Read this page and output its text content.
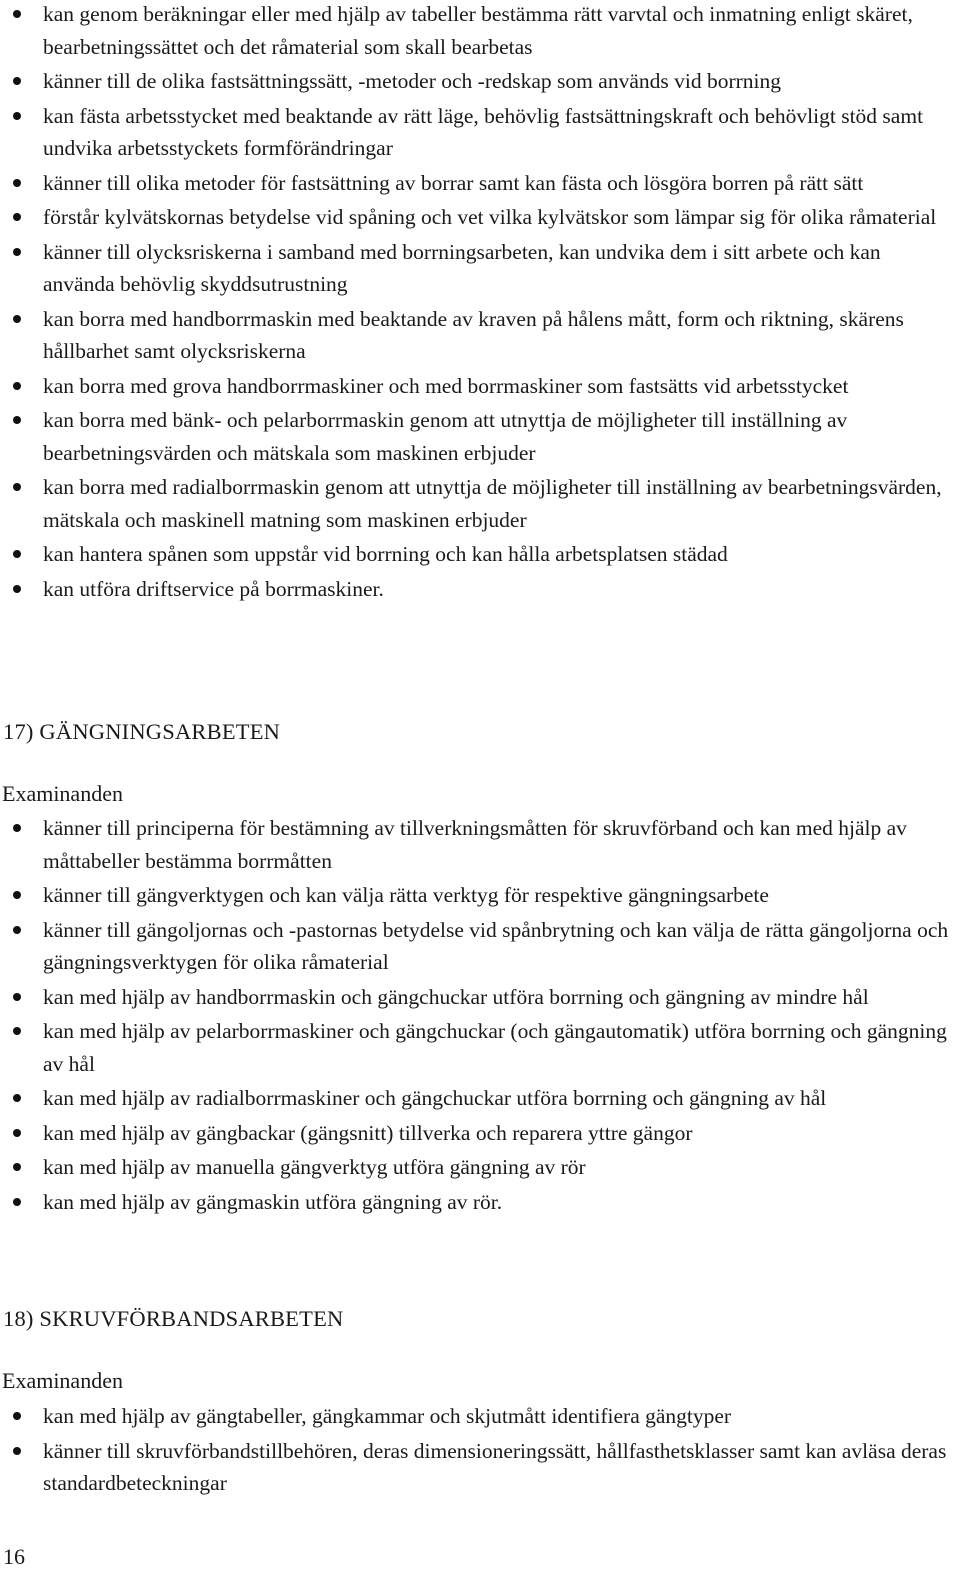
kan genom beräkningar eller med hjälp av tabeller bestämma rätt varvtal och inmatning enligt skäret, bearbetningssättet och det råmaterial som skall bearbetas
känner till de olika fastsättningssätt, -metoder och -redskap som används vid borrning
kan fästa arbetsstycket med beaktande av rätt läge, behövlig fastsättningskraft och behövligt stöd samt undvika arbetsstyckets formförändringar
känner till olika metoder för fastsättning av borrar samt kan fästa och lösgöra borren på rätt sätt
förstår kylvätskornas betydelse vid spåning och vet vilka kylvätskor som lämpar sig för olika råmaterial
känner till olycksriskerna i samband med borrningsarbeten, kan undvika dem i sitt arbete och kan använda behövlig skyddsutrustning
kan borra med handborrmaskin med beaktande av kraven på hålens mått, form och riktning, skärens hållbarhet samt olycksriskerna
kan borra med grova handborrmaskiner och med borrmaskiner som fastsätts vid arbetsstycket
kan borra med bänk- och pelarborrmaskin genom att utnyttja de möjligheter till inställning av bearbetningsvärden och mätskala som maskinen erbjuder
kan borra med radialborrmaskin genom att utnyttja de möjligheter till inställning av bearbetningsvärden, mätskala och maskinell matning som maskinen erbjuder
kan hantera spånen som uppstår vid borrning och kan hålla arbetsplatsen städad
kan utföra driftservice på borrmaskiner.
17) GÄNGNINGSARBETEN

Examinanden

känner till principerna för bestämning av tillverkningsmåtten för skruvförband och kan med hjälp av måttabeller bestämma borrmåtten
känner till gängverktygen och kan välja rätta verktyg för respektive gängningsarbete
känner till gängoljornas och -pastornas betydelse vid spånbrytning och kan välja de rätta gängoljorna och gängningsverktygen för olika råmaterial
kan med hjälp av handborrmaskin och gängchuckar utföra borrning och gängning av mindre hål
kan med hjälp av pelarborrmaskiner och gängchuckar (och gängautomatik) utföra borrning och gängning av hål
kan med hjälp av radialborrmaskiner och gängchuckar utföra borrning och gängning av hål
kan med hjälp av gängbackar (gängsnitt) tillverka och reparera yttre gängor
kan med hjälp av manuella gängverktyg utföra gängning av rör
kan med hjälp av gängmaskin utföra gängning av rör.
18) SKRUVFÖRBANDSARBETEN

Examinanden

kan med hjälp av gängtabeller, gängkammar och skjutmått identifiera gängtyper
känner till skruvförbandstillbehören, deras dimensioneringssätt, hållfasthetsklasser samt kan avläsa deras standardbeteckningar
16
